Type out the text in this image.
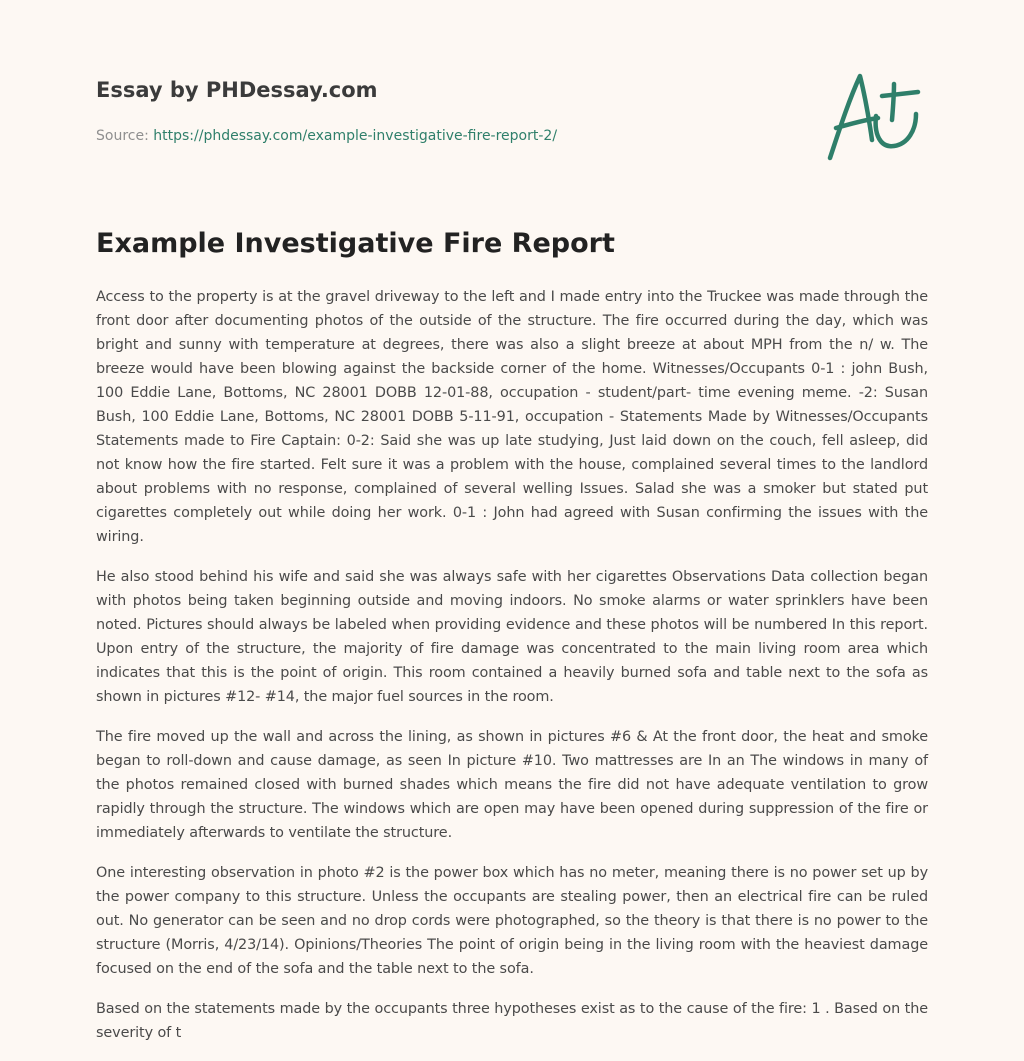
Essay by PHDessay.com

Source: https://phdessay.com/example-investigative-fire-report-2/
Example Investigative Fire Report

Access to the property is at the gravel driveway to the left and I made entry into the Truckee was made through the front door after documenting photos of the outside of the structure. The fire occurred during the day, which was bright and sunny with temperature at degrees, there was also a slight breeze at about MPH from the n/ w. The breeze would have been blowing against the backside corner of the home. Witnesses/Occupants 0-1 : john Bush, 100 Eddie Lane, Bottoms, NC 28001 DOBB 12-01-88, occupation - student/part- time evening meme. -2: Susan Bush, 100 Eddie Lane, Bottoms, NC 28001 DOBB 5-11-91, occupation - Statements Made by Witnesses/Occupants Statements made to Fire Captain: 0-2: Said she was up late studying, Just laid down on the couch, fell asleep, did not know how the fire started. Felt sure it was a problem with the house, complained several times to the landlord about problems with no response, complained of several welling Issues. Salad she was a smoker but stated put cigarettes completely out while doing her work. 0-1 : John had agreed with Susan confirming the issues with the wiring.

He also stood behind his wife and said she was always safe with her cigarettes Observations Data collection began with photos being taken beginning outside and moving indoors. No smoke alarms or water sprinklers have been noted. Pictures should always be labeled when providing evidence and these photos will be numbered In this report. Upon entry of the structure, the majority of fire damage was concentrated to the main living room area which indicates that this is the point of origin. This room contained a heavily burned sofa and table next to the sofa as shown in pictures #12- #14, the major fuel sources in the room.

The fire moved up the wall and across the lining, as shown in pictures #6 & At the front door, the heat and smoke began to roll-down and cause damage, as seen In picture #10. Two mattresses are In an The windows in many of the photos remained closed with burned shades which means the fire did not have adequate ventilation to grow rapidly through the structure. The windows which are open may have been opened during suppression of the fire or immediately afterwards to ventilate the structure.

One interesting observation in photo #2 is the power box which has no meter, meaning there is no power set up by the power company to this structure. Unless the occupants are stealing power, then an electrical fire can be ruled out. No generator can be seen and no drop cords were photographed, so the theory is that there is no power to the structure (Morris, 4/23/14). Opinions/Theories The point of origin being in the living room with the heaviest damage focused on the end of the sofa and the table next to the sofa.

Based on the statements made by the occupants three hypotheses exist as to the cause of the fire: 1 . Based on the severity of t
